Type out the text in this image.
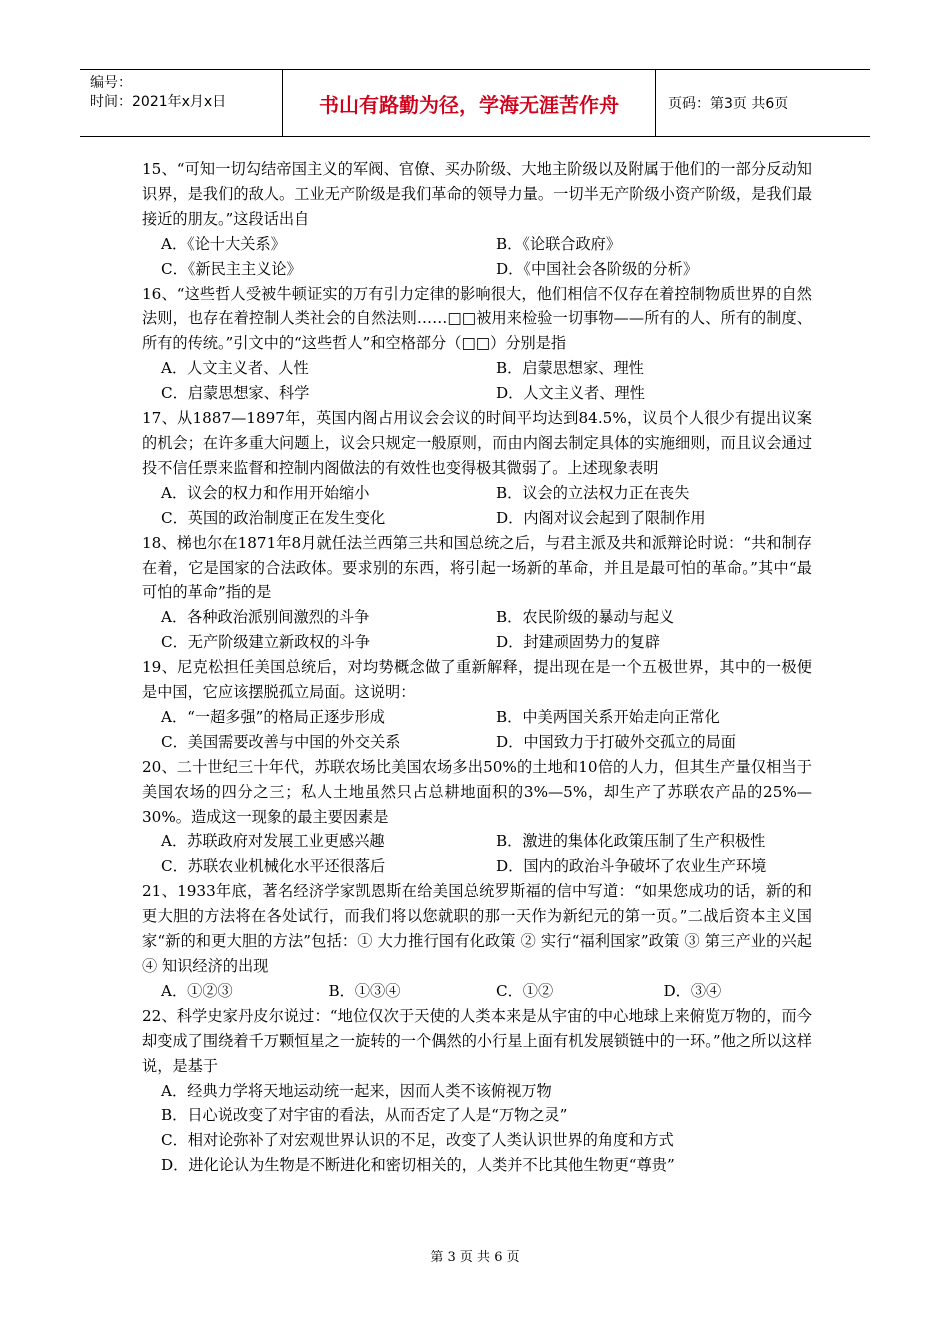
编号：
时间：2021年x月x日	书山有路勤为径，学海无涯苦作舟	页码：第3页 共6页

15、“可知一切勾结帝国主义的军阀、官僚、买办阶级、大地主阶级以及附属于他们的一部分反动知识界，是我们的敌人。工业无产阶级是我们革命的领导力量。一切半无产阶级小资产阶级，是我们最接近的朋友。”这段话出自

A．《论十大关系》	B．《论联合政府》
C．《新民主主义论》	D．《中国社会各阶级的分析》

16、“这些哲人受被牛顿证实的万有引力定律的影响很大，他们相信不仅存在着控制物质世界的自然法则，也存在着控制人类社会的自然法则……□□被用来检验一切事物——所有的人、所有的制度、所有的传统。”引文中的“这些哲人”和空格部分（□□）分别是指

A．人文主义者、人性	B．启蒙思想家、理性
C．启蒙思想家、科学	D．人文主义者、理性

17、从1887—1897年，英国内阁占用议会会议的时间平均达到84.5%，议员个人很少有提出议案的机会；在许多重大问题上，议会只规定一般原则，而由内阁去制定具体的实施细则，而且议会通过投不信任票来监督和控制内阁做法的有效性也变得极其微弱了。上述现象表明

A．议会的权力和作用开始缩小	B．议会的立法权力正在丧失
C．英国的政治制度正在发生变化	D．内阁对议会起到了限制作用

18、梯也尔在1871年8月就任法兰西第三共和国总统之后，与君主派及共和派辩论时说：“共和制存在着，它是国家的合法政体。要求别的东西，将引起一场新的革命，并且是最可怕的革命。”其中“最可怕的革命”指的是

A．各种政治派别间激烈的斗争	B．农民阶级的暴动与起义
C．无产阶级建立新政权的斗争	D．封建顽固势力的复辟

19、尼克松担任美国总统后，对均势概念做了重新解释，提出现在是一个五极世界，其中的一极便是中国，它应该摆脱孤立局面。这说明：

A．“一超多强”的格局正逐步形成	B．中美两国关系开始走向正常化
C．美国需要改善与中国的外交关系	D．中国致力于打破外交孤立的局面

20、二十世纪三十年代，苏联农场比美国农场多出50%的土地和10倍的人力，但其生产量仅相当于美国农场的四分之三；私人土地虽然只占总耕地面积的3%—5%，却生产了苏联农产品的25%—30%。造成这一现象的最主要因素是

A．苏联政府对发展工业更感兴趣	B．激进的集体化政策压制了生产积极性
C．苏联农业机械化水平还很落后	D．国内的政治斗争破坏了农业生产环境

21、1933年底，著名经济学家凯恩斯在给美国总统罗斯福的信中写道：“如果您成功的话，新的和更大胆的方法将在各处试行，而我们将以您就职的那一天作为新纪元的第一页。”二战后资本主义国家“新的和更大胆的方法”包括：① 大力推行国有化政策 ② 实行“福利国家”政策 ③ 第三产业的兴起 ④ 知识经济的出现

A．①②③	B．①③④	C．①②	D．③④

22、科学史家丹皮尔说过：“地位仅次于天使的人类本来是从宇宙的中心地球上来俯览万物的，而今却变成了围绕着千万颗恒星之一旋转的一个偶然的小行星上面有机发展锁链中的一环。”他之所以这样说，是基于

A．经典力学将天地运动统一起来，因而人类不该俯视万物
B．日心说改变了对宇宙的看法，从而否定了人是“万物之灵”
C．相对论弥补了对宏观世界认识的不足，改变了人类认识世界的角度和方式
D．进化论认为生物是不断进化和密切相关的，人类并不比其他生物更“尊贵”
第 3 页 共 6 页
